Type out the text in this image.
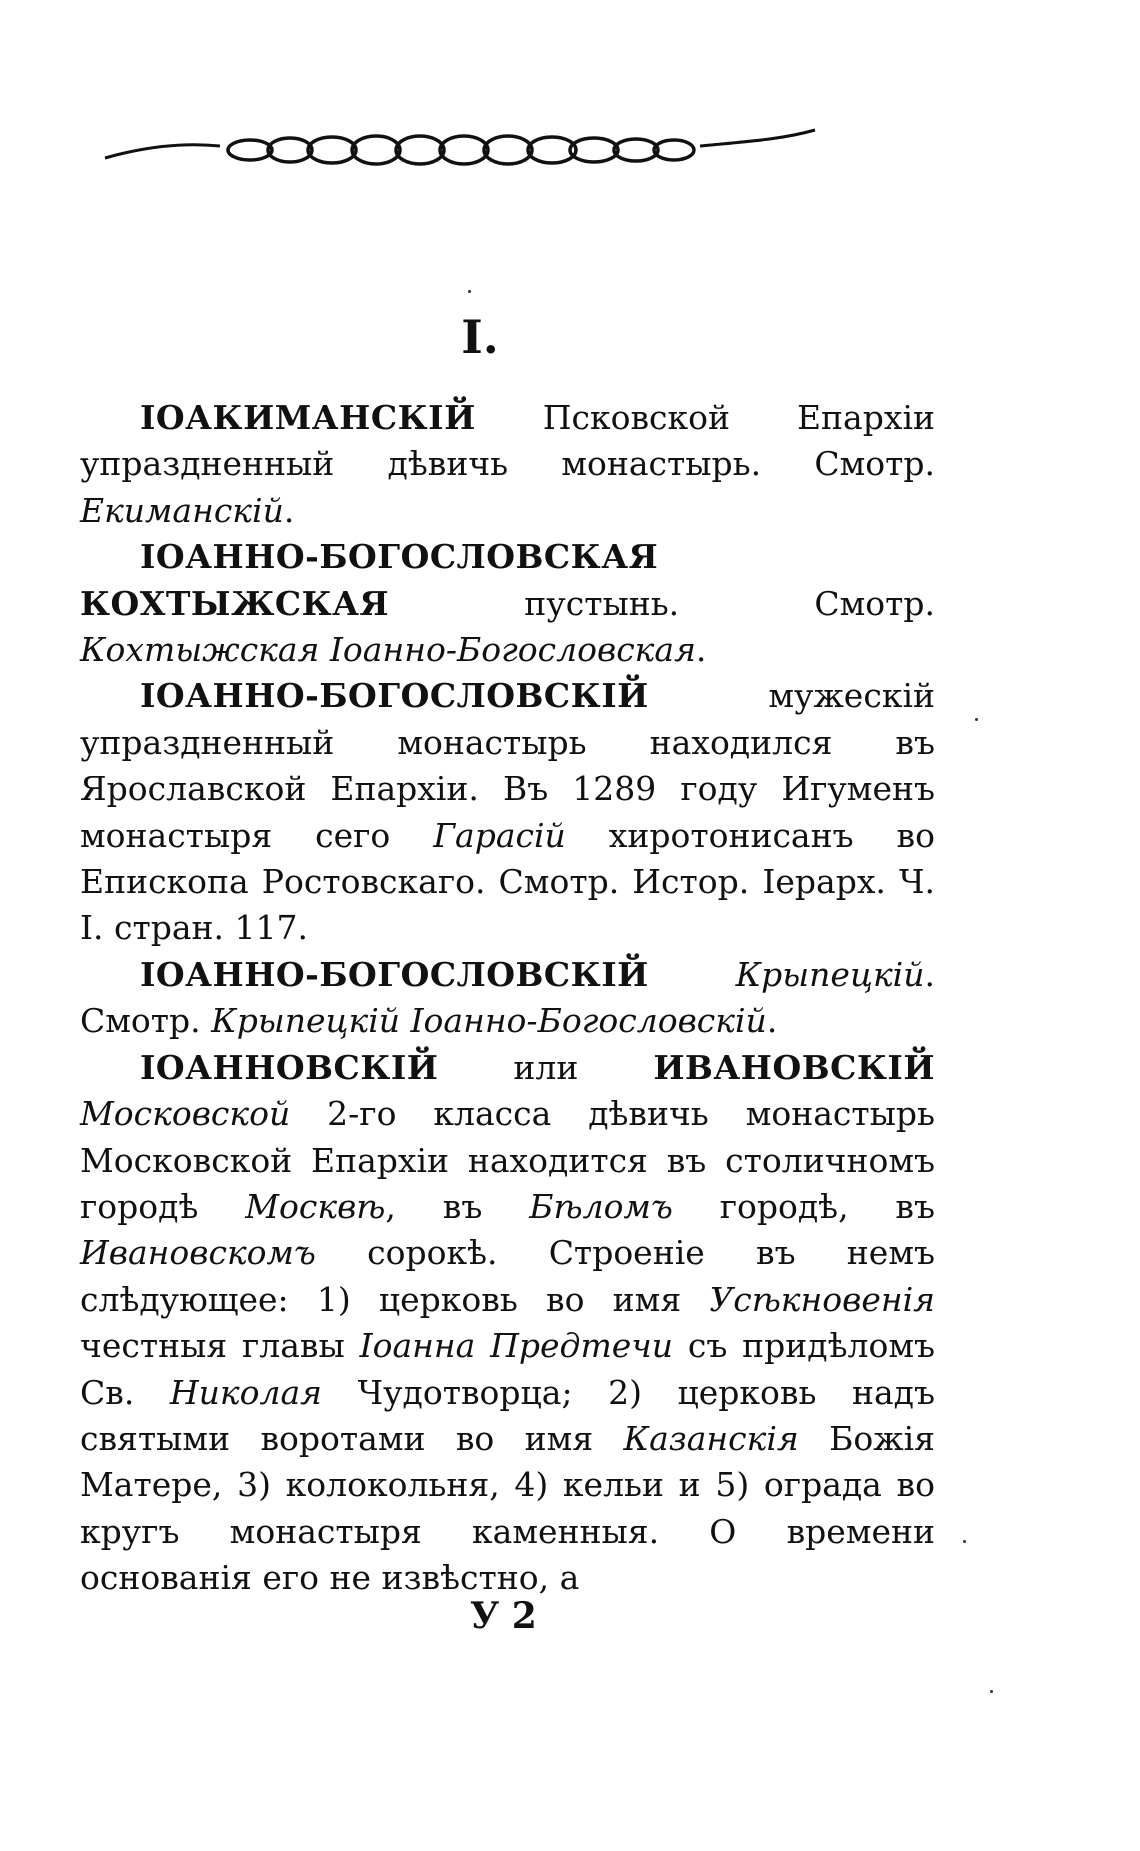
I.

IОАКИМАНСКIЙ Псковской Епархiи упраздненный дѣвичь монастырь. Смотр. Екиманскiй.

IОАННО-БОГОСЛОВСКАЯ КОХТЫЖСКАЯ пустынь. Смотр. Кохтыжская Iоанно-Богословская.

IОАННО-БОГОСЛОВСКIЙ мужескiй упраздненный монастырь находился въ Ярославской Епархiи. Въ 1289 году Игуменъ монастыря сего Гарасiй хиротонисанъ во Епископа Ростовскаго. Смотр. Истор. Iерарх. Ч. I. стран. 117.

IОАННО-БОГОСЛОВСКIЙ	Крыпецкiй. Смотр. Крыпецкiй Iоанно-Богословскiй.

IОАННОВСКIЙ или ИВАНОВСКIЙ Московской 2-го класса дѣвичь монастырь Московской Епархiи находится въ столичномъ городѣ Москвѣ, въ Бѣломъ городѣ, въ Ивановскомъ сорокѣ. Строенiе въ немъ слѣдующее: 1) церковь во имя Усѣкновенiя честныя главы Iоанна Предтечи съ придѣломъ Св. Николая Чудотворца; 2) церковь надъ святыми воротами во имя Казанскiя Божiя Матере, 3) колокольня, 4) кельи и 5) ограда во кругъ монастыря каменныя. О времени основанiя его не извѣстно, а

У 2
